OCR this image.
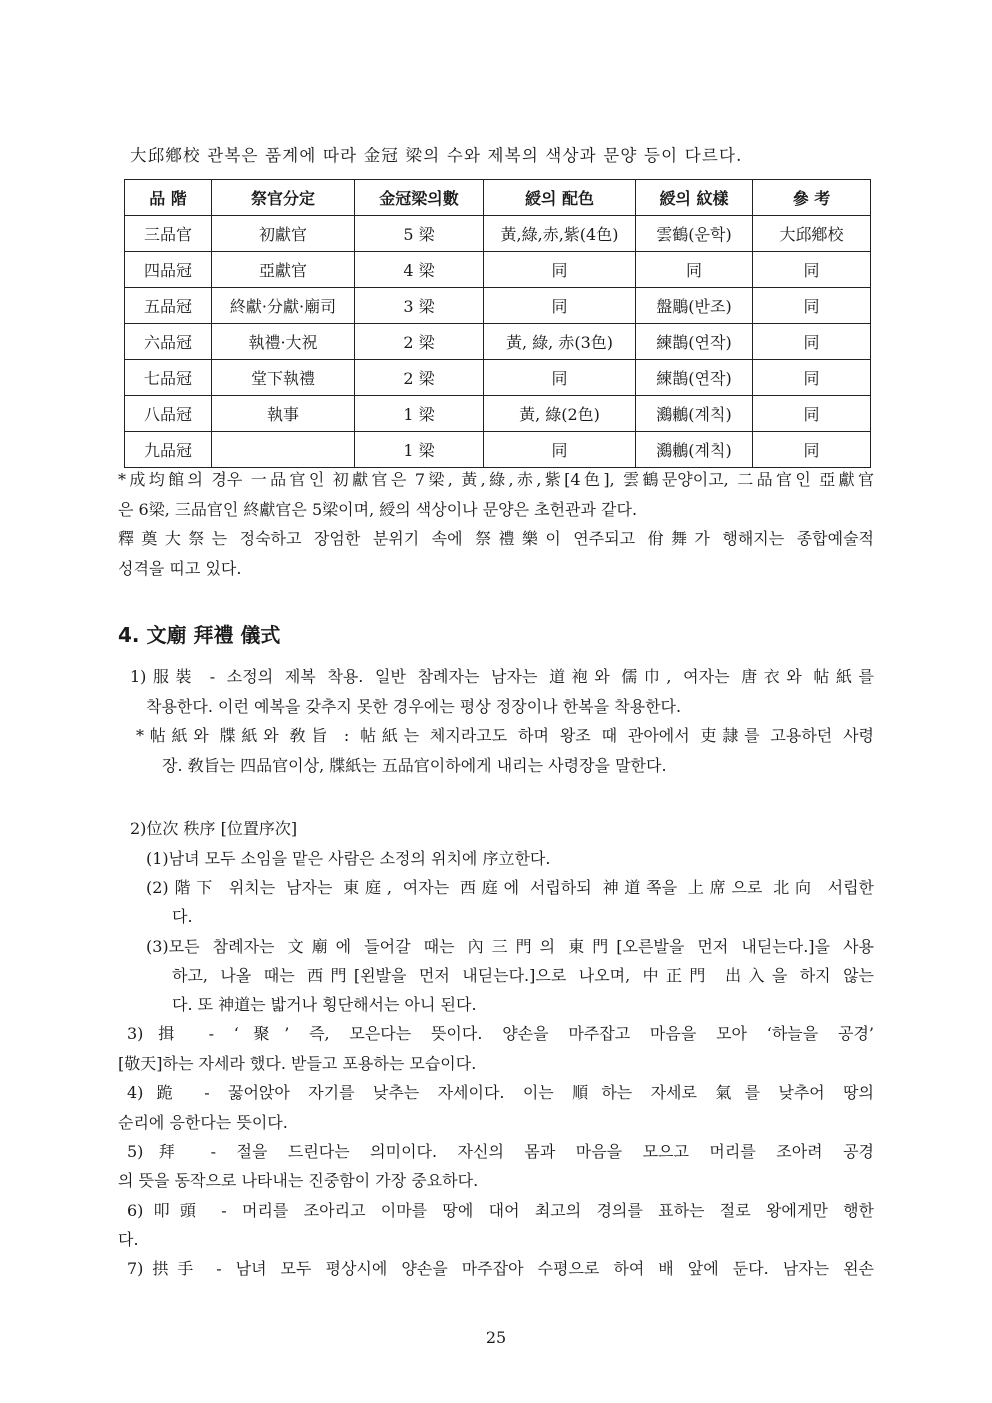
大邱鄕校 관복은 품계에 따라 金冠 梁의 수와 제복의 색상과 문양 등이 다르다.
品 階	祭官分定	金冠梁의數	綬의 配色	綬의 紋樣	參 考
三品官	初獻官	5 梁	黃,綠,赤,紫(4色)	雲鶴(운학)	大邱鄕校
四品冠	亞獻官	4 梁	同	同	同
五品冠	終獻·分獻·廟司	3 梁	同	盤鵰(반조)	同
六品冠	執禮·大祝	2 梁	黃, 綠, 赤(3色)	練鵲(연작)	同
七品冠	堂下執禮	2 梁	同	練鵲(연작)	同
八品冠	執事	1 梁	黃, 綠(2色)	鸂鶒(계칙)	同
九品冠		1 梁	同	鸂鶒(계칙)	同
*成均館의 경우 一品官인 初獻官은 7梁, 黃,綠,赤,紫[4色], 雲鶴문양이고, 二品官인 亞獻官
은 6梁, 三品官인 終獻官은 5梁이며, 綬의 색상이나 문양은 초헌관과 같다.
釋奠大祭는 정숙하고 장엄한 분위기 속에 祭禮樂이 연주되고 佾舞가 행해지는 종합예술적
성격을 띠고 있다.
4. 文廟 拜禮 儀式
1)服裝 - 소정의 제복 착용. 일반 참례자는 남자는 道袍와 儒巾, 여자는 唐衣와 帖紙를
착용한다. 이런 예복을 갖추지 못한 경우에는 평상 정장이나 한복을 착용한다.
*帖紙와 牒紙와 敎旨 : 帖紙는 체지라고도 하며 왕조 때 관아에서 吏隷를 고용하던 사령
장. 敎旨는 四品官이상, 牒紙는 五品官이하에게 내리는 사령장을 말한다.
2)位次 秩序 [位置序次]
(1)남녀 모두 소임을 맡은 사람은 소정의 위치에 序立한다.
(2)階下 위치는 남자는 東庭, 여자는 西庭에 서립하되 神道쪽을 上席으로 北向 서립한
다.
(3)모든 참례자는 文廟에 들어갈 때는 內三門의 東門[오른발을 먼저 내딛는다.]을 사용
하고, 나올 때는 西門[왼발을 먼저 내딛는다.]으로 나오며, 中正門 出入을 하지 않는
다. 또 神道는 밟거나 횡단해서는 아니 된다.
3)揖 - ‘聚’ 즉, 모은다는 뜻이다. 양손을 마주잡고 마음을 모아 ‘하늘을 공경’
[敬天]하는 자세라 했다. 받들고 포용하는 모습이다.
4)跪 - 꿇어앉아 자기를 낮추는 자세이다. 이는 順하는 자세로 氣를 낮추어 땅의
순리에 응한다는 뜻이다.
5)拜 - 절을 드린다는 의미이다. 자신의 몸과 마음을 모으고 머리를 조아려 공경
의 뜻을 동작으로 나타내는 진중함이 가장 중요하다.
6)叩頭 - 머리를 조아리고 이마를 땅에 대어 최고의 경의를 표하는 절로 왕에게만 행한
다.
7)拱手 - 남녀 모두 평상시에 양손을 마주잡아 수평으로 하여 배 앞에 둔다. 남자는 왼손
25
